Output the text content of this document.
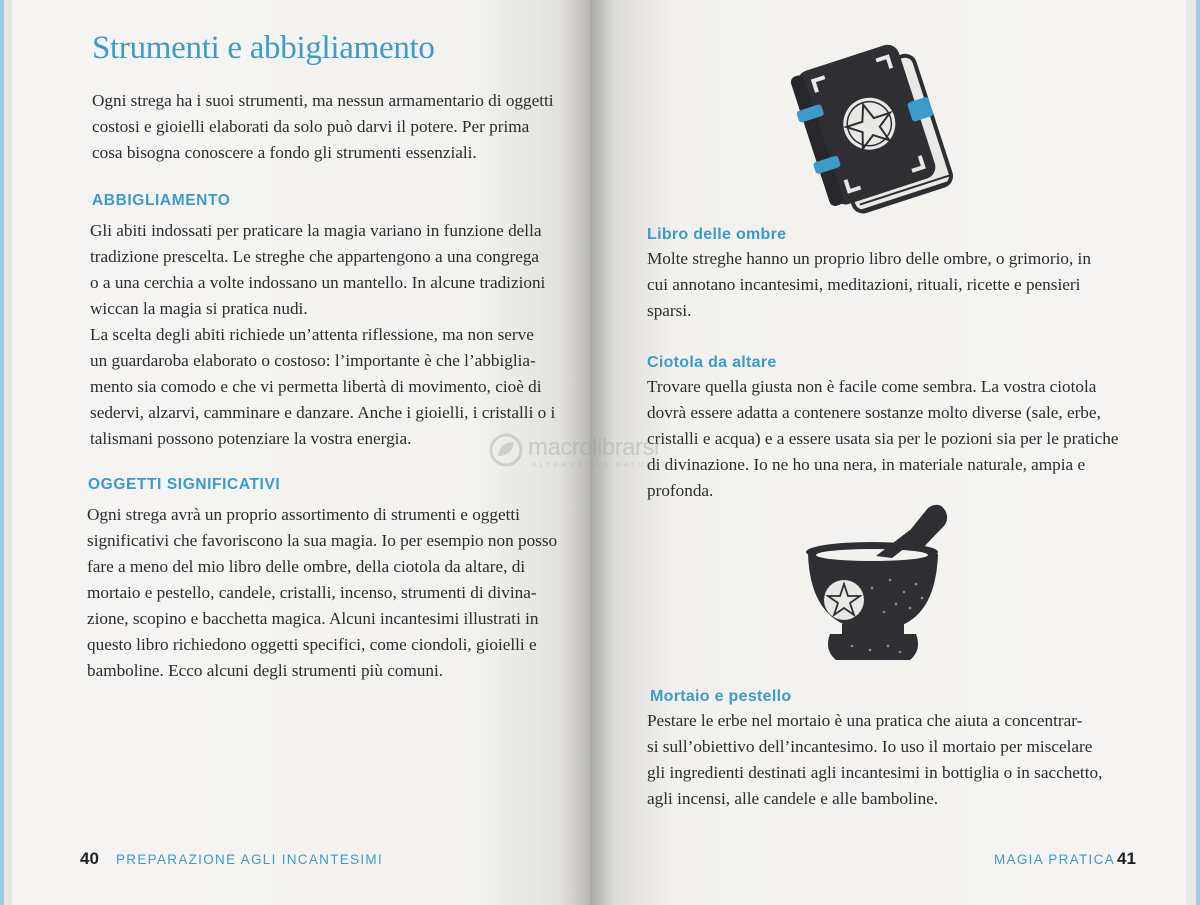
Strumenti e abbigliamento

Ogni strega ha i suoi strumenti, ma nessun armamentario di oggetti
costosi e gioielli elaborati da solo può darvi il potere. Per prima
cosa bisogna conoscere a fondo gli strumenti essenziali.

ABBIGLIAMENTO

Gli abiti indossati per praticare la magia variano in funzione della
tradizione prescelta. Le streghe che appartengono a una congrega
o a una cerchia a volte indossano un mantello. In alcune tradizioni
wiccan la magia si pratica nudi.
La scelta degli abiti richiede un’attenta riflessione, ma non serve
un guardaroba elaborato o costoso: l’importante è che l’abbiglia-
mento sia comodo e che vi permetta libertà di movimento, cioè di
sedervi, alzarvi, camminare e danzare. Anche i gioielli, i cristalli o i
talismani possono potenziare la vostra energia.

OGGETTI SIGNIFICATIVI

Ogni strega avrà un proprio assortimento di strumenti e oggetti
significativi che favoriscono la sua magia. Io per esempio non posso
fare a meno del mio libro delle ombre, della ciotola da altare, di
mortaio e pestello, candele, cristalli, incenso, strumenti di divina-
zione, scopino e bacchetta magica. Alcuni incantesimi illustrati in
questo libro richiedono oggetti specifici, come ciondoli, gioielli e
bamboline. Ecco alcuni degli strumenti più comuni.

40 PREPARAZIONE AGLI INCANTESIMI
Libro delle ombre

Molte streghe hanno un proprio libro delle ombre, o grimorio, in
cui annotano incantesimi, meditazioni, rituali, ricette e pensieri
sparsi.

Ciotola da altare

Trovare quella giusta non è facile come sembra. La vostra ciotola
dovrà essere adatta a contenere sostanze molto diverse (sale, erbe,
cristalli e acqua) e a essere usata sia per le pozioni sia per le pratiche
di divinazione. Io ne ho una nera, in materiale naturale, ampia e
profonda.

Mortaio e pestello

Pestare le erbe nel mortaio è una pratica che aiuta a concentrar-
si sull’obiettivo dell’incantesimo. Io uso il mortaio per miscelare
gli ingredienti destinati agli incantesimi in bottiglia o in sacchetto,
agli incensi, alle candele e alle bamboline.

MAGIA PRATICA 41
macrolibrarsi
ALTERNATIVA NATURALE
